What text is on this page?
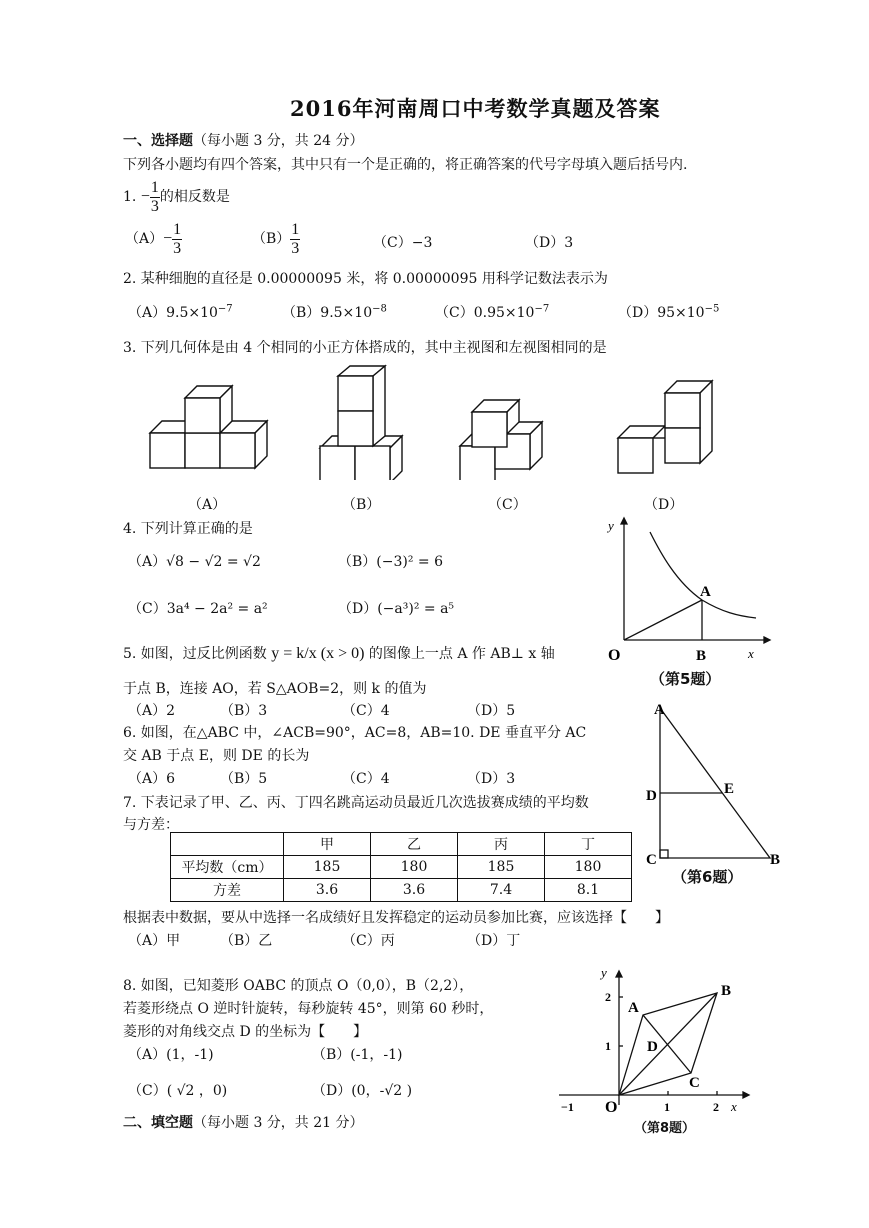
2016年河南周口中考数学真题及答案
一、选择题（每小题 3 分，共 24 分）
下列各小题均有四个答案，其中只有一个是正确的，将正确答案的代号字母填入题后括号内.
1. − $\frac{1}{3}$ 的相反数是
$(A)- \frac{1}{3}$	$(B) \frac{1}{3}$	（C）−3	（D）3
2. 某种细胞的直径是 0.00000095 米，将 0.00000095 用科学记数法表示为
$(A)9.5\times 10^{-7}$	$(B)9.5\times 10^{-8}$	$(C)0.95\times 10^{-7}$	$(D)95\times 10^{-5}$
3. 下列几何体是由 4 个相同的小正方体搭成的，其中主视图和左视图相同的是
（A）	（B）	（C）	（D）
4. 下列计算正确的是
（A）√8 − √2 = √2	（B）(−3)² = 6
（C）3a⁴ − 2a² = a²	（D）(−a³)² = a⁵
5. 如图，过反比例函数 y = k/x (x > 0) 的图像上一点 A 作 AB⊥ x 轴
于点 B，连接 AO，若 S△AOB=2，则 k 的值为
（A）2	（B）3	（C）4	（D）5
y
x
O
A
B
（第5题）
6. 如图，在△ABC 中，∠ACB=90°，AC=8，AB=10. DE 垂直平分 AC
交 AB 于点 E，则 DE 的长为
（A）6	（B）5	（C）4	（D）3
A
D	E
C	B
（第6题）
7. 下表记录了甲、乙、丙、丁四名跳高运动员最近几次选拔赛成绩的平均数
与方差：
	甲	乙	丙	丁
平均数（cm）	185	180	185	180
方差	3.6	3.6	7.4	8.1
根据表中数据，要从中选择一名成绩好且发挥稳定的运动员参加比赛，应该选择【　　】
（A）甲	（B）乙	（C）丙	（D）丁
8. 如图，已知菱形 OABC 的顶点 O（0,0），B（2,2），
若菱形绕点 O 逆时针旋转，每秒旋转 45°，则第 60 秒时，
菱形的对角线交点 D 的坐标为【　　】
（A）(1，-1)	（B）(-1，-1)
（C）( √2 ，0)	（D）(0，-√2 )
y
x
O
A
B
C
D
2
1
−1	1	2
（第8题）
二、填空题（每小题 3 分，共 21 分）
